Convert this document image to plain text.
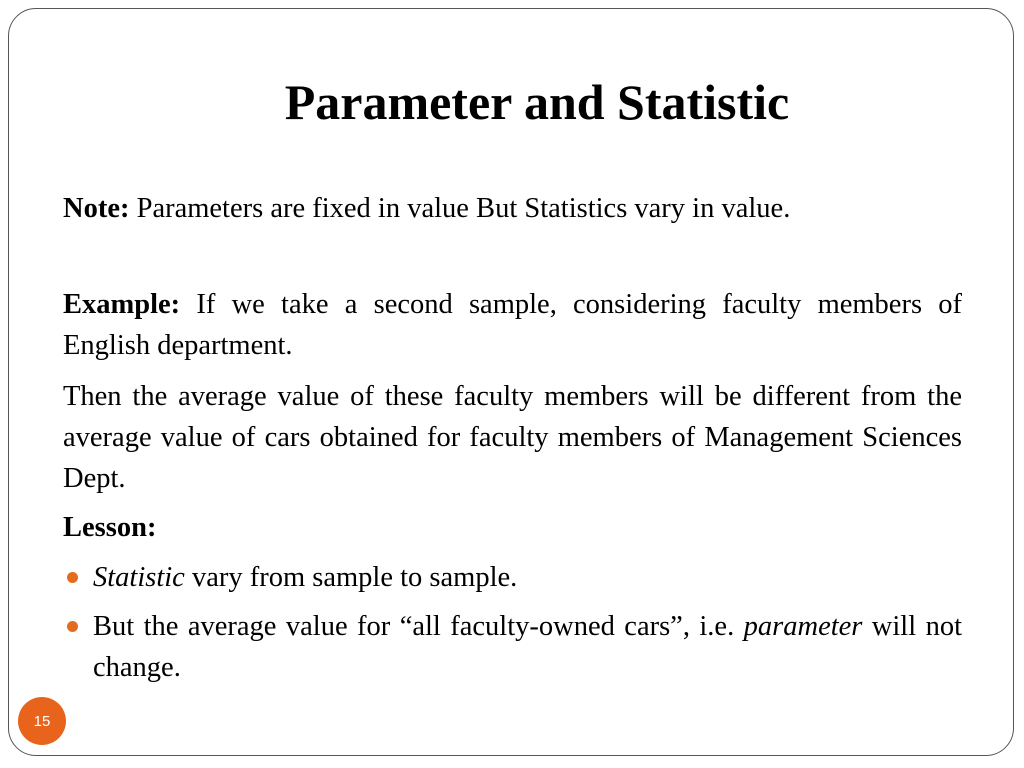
Parameter and Statistic
Note: Parameters are fixed in value But Statistics vary in value.
Example: If we take a second sample, considering faculty members of English department.
Then the average value of these faculty members will be different from the average value of cars obtained for faculty members of Management Sciences Dept.
Lesson:
Statistic vary from sample to sample.
But the average value for “all faculty-owned cars”, i.e. parameter will not change.
15
